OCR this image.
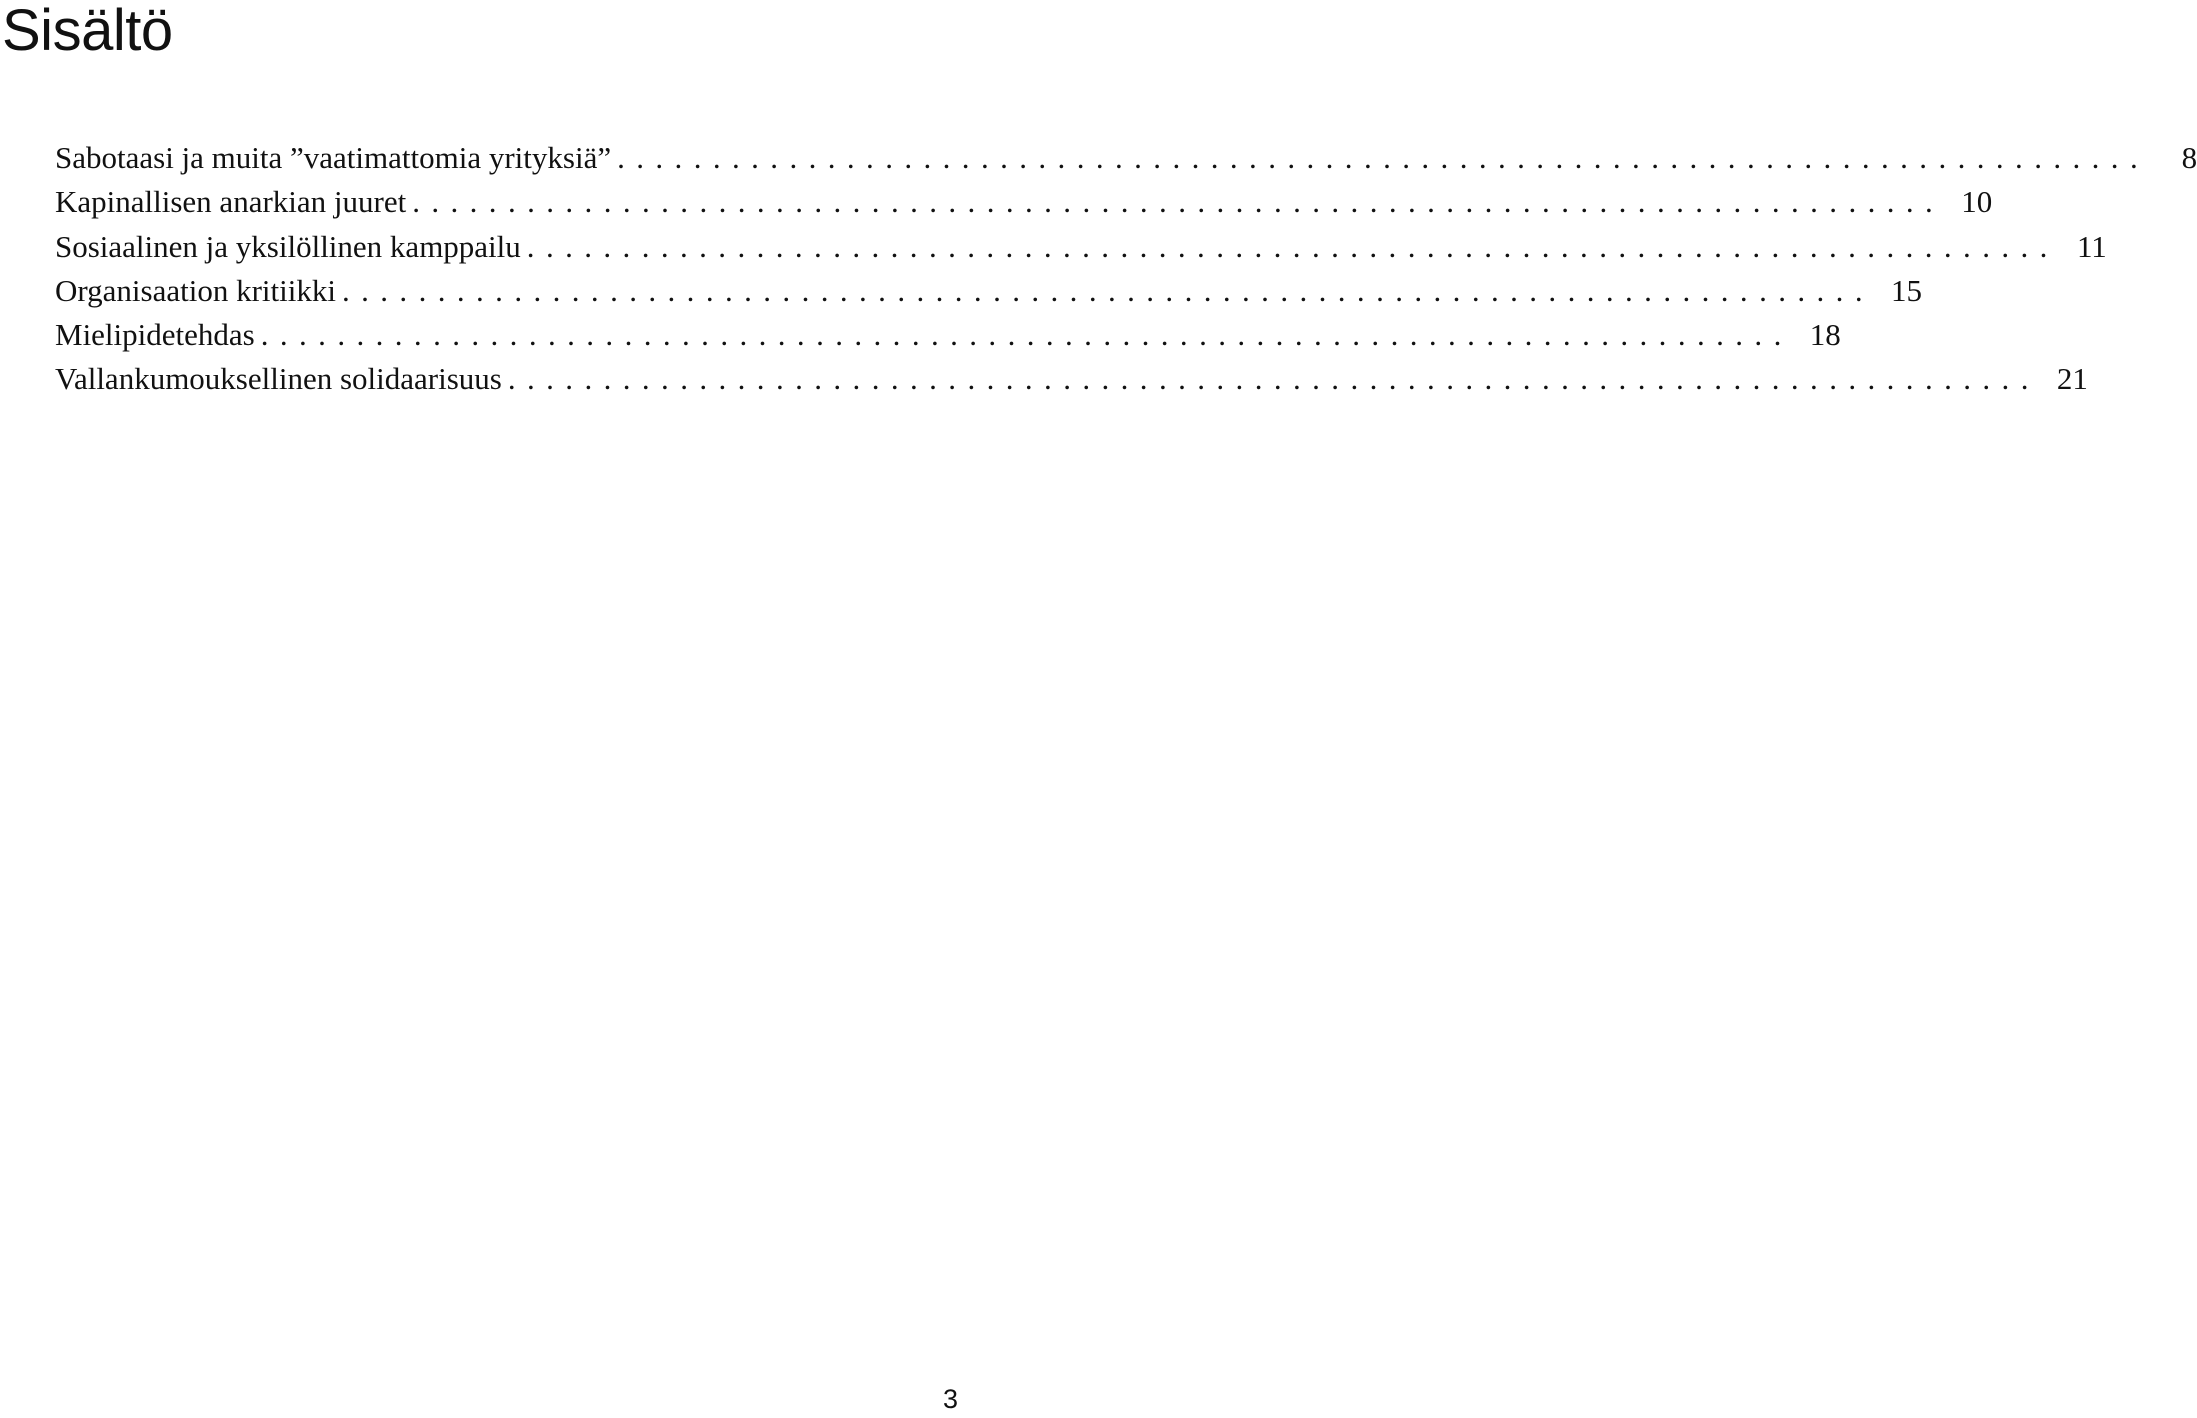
Sisältö
Sabotaasi ja muita ”vaatimattomia yrityksiä” ................................................................................	8
Kapinallisen anarkian juuret ................................................................................ 10
Sosiaalinen ja yksilöllinen kamppailu ................................................................................ 11
Organisaation kritiikki ................................................................................ 15
Mielipidetehdas ................................................................................ 18
Vallankumouksellinen solidaarisuus ................................................................................ 21
3
